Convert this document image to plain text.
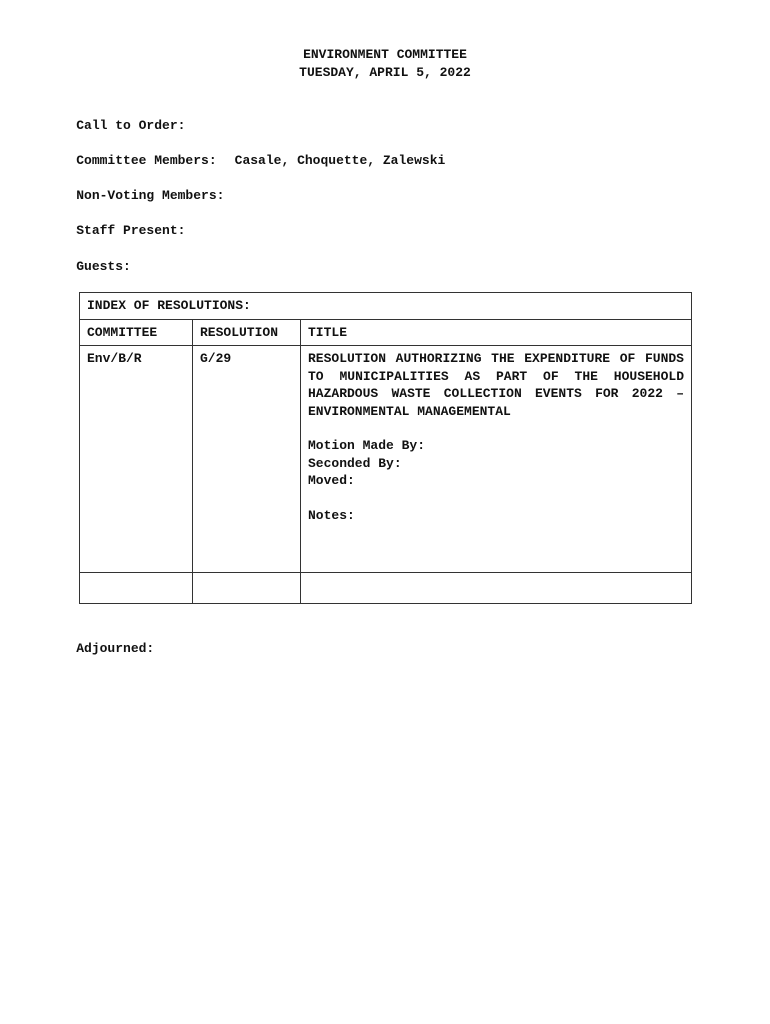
ENVIRONMENT COMMITTEE
TUESDAY, APRIL 5, 2022

Call to Order:

Committee Members: Casale, Choquette, Zalewski

Non-Voting Members:

Staff Present:

Guests:

INDEX OF RESOLUTIONS:		
COMMITTEE	RESOLUTION	TITLE
Env/B/R	G/29	RESOLUTION AUTHORIZING THE EXPENDITURE OF FUNDS TO MUNICIPALITIES AS PART OF THE HOUSEHOLD HAZARDOUS WASTE COLLECTION EVENTS FOR 2022 – ENVIRONMENTAL MANAGEMENTAL

Motion Made By:

Seconded By:

Moved:

Notes:

Adjourned:
